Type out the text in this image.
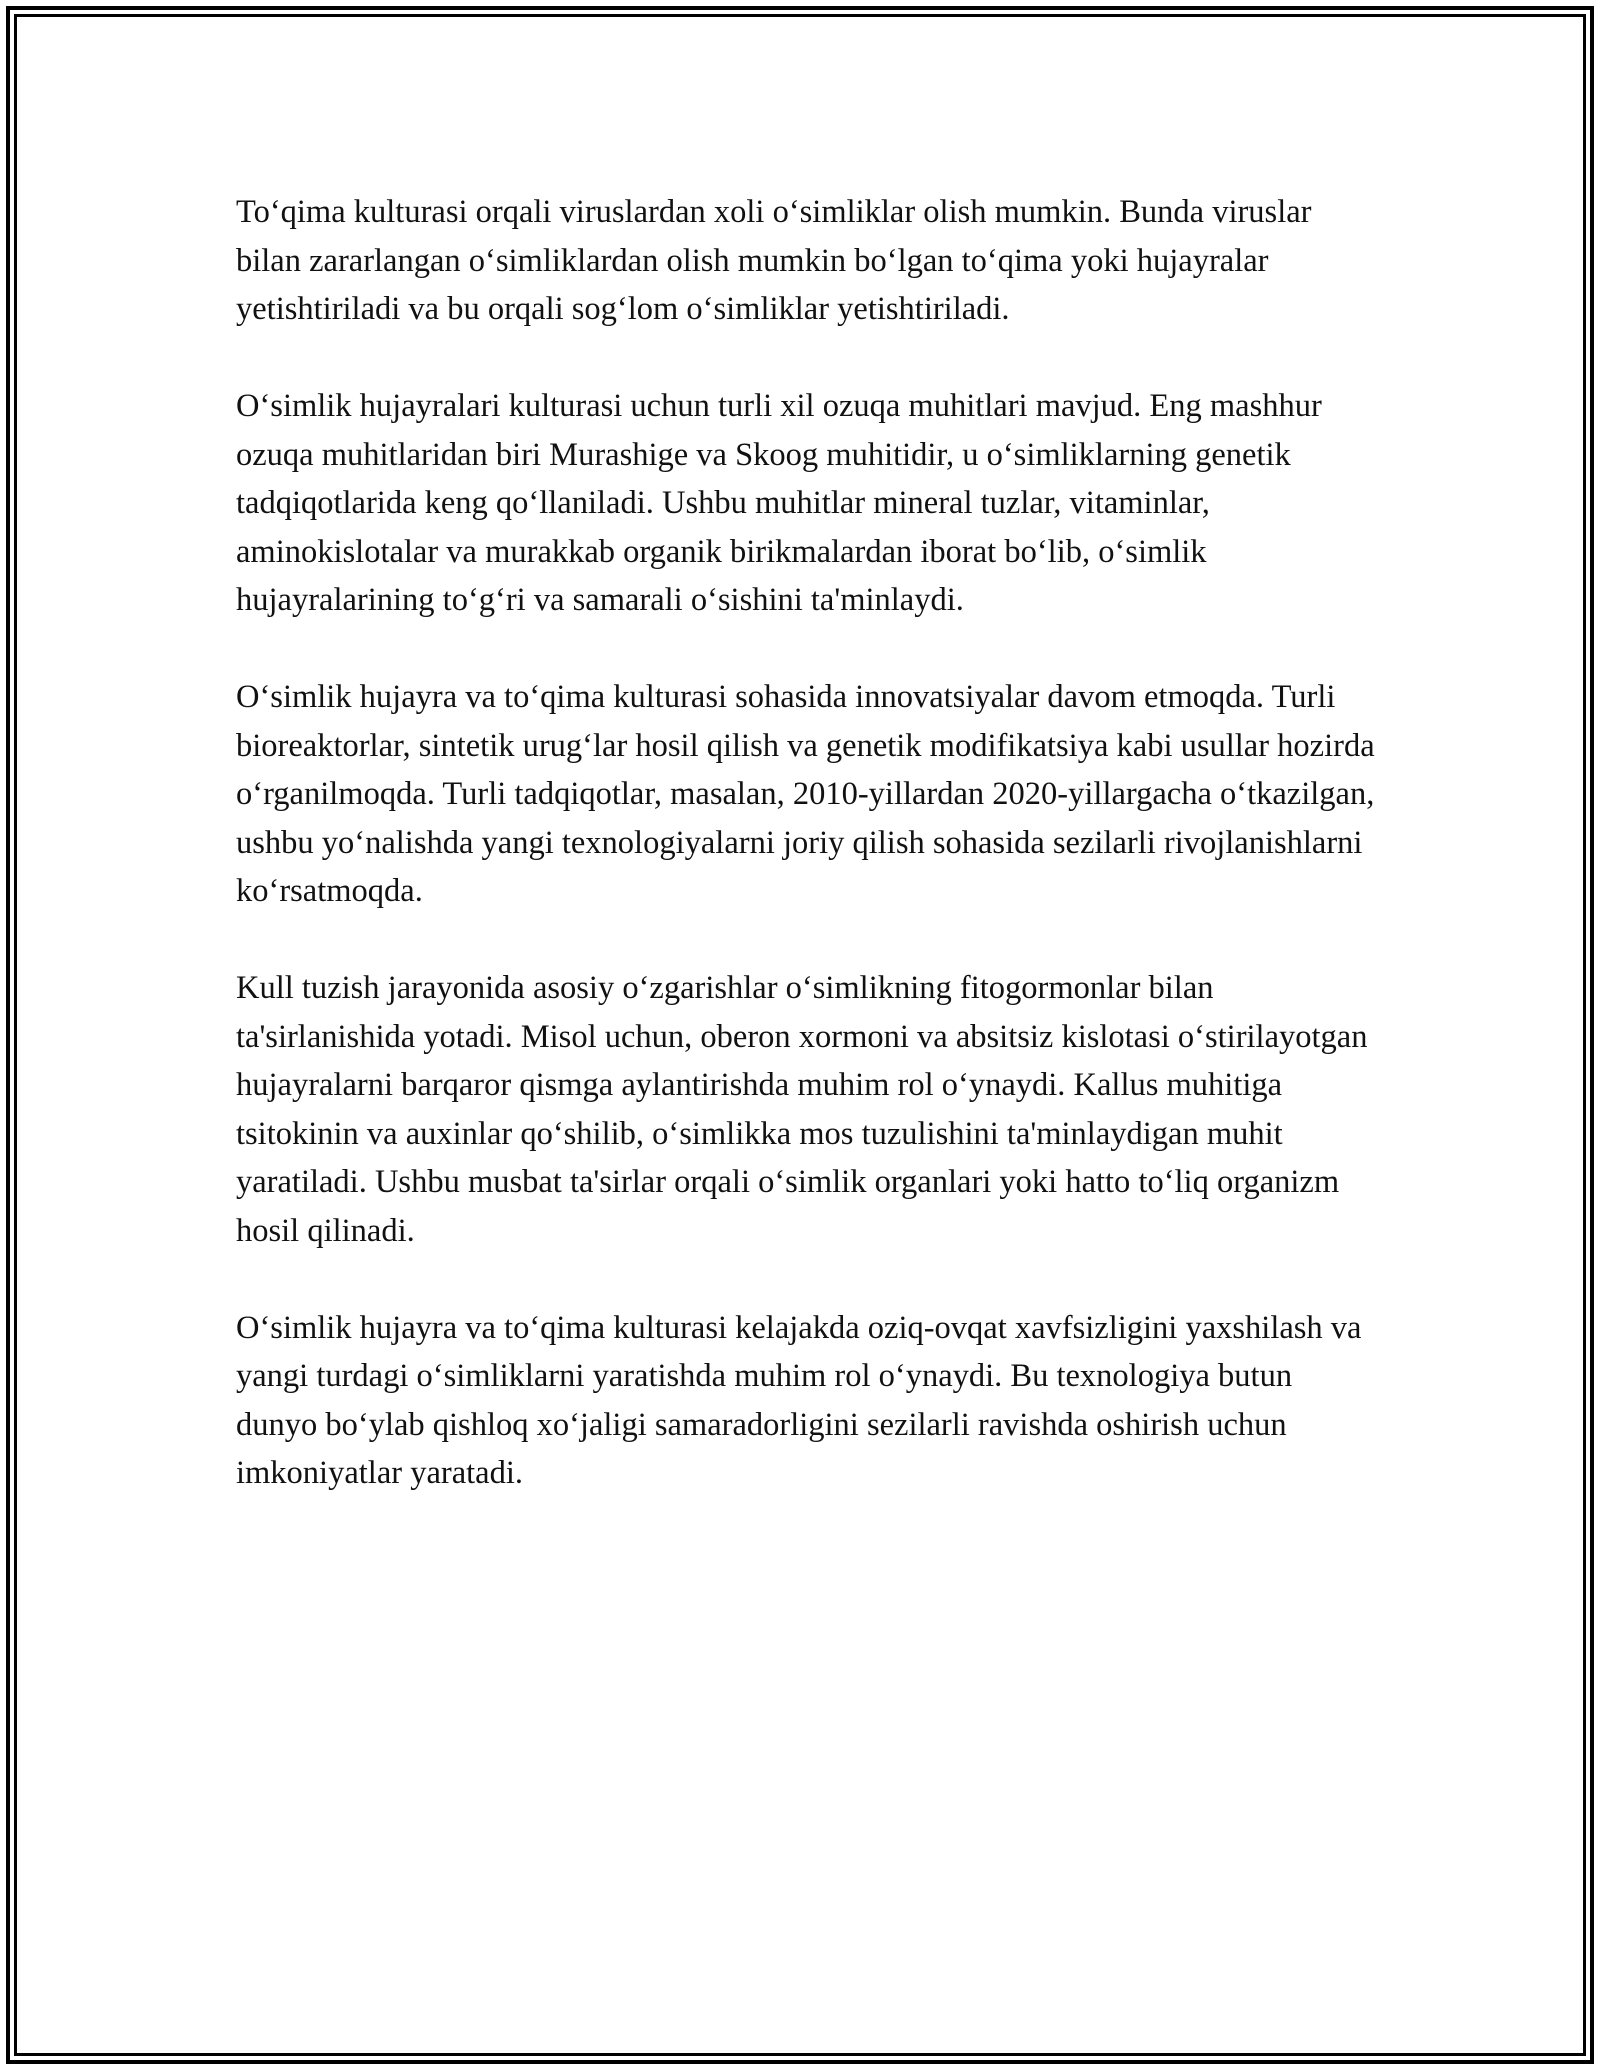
To‘qima kulturasi orqali viruslardan xoli o‘simliklar olish mumkin. Bunda viruslar bilan zararlangan o‘simliklardan olish mumkin bo‘lgan to‘qima yoki hujayralar yetishtiriladi va bu orqali sog‘lom o‘simliklar yetishtiriladi.

O‘simlik hujayralari kulturasi uchun turli xil ozuqa muhitlari mavjud. Eng mashhur ozuqa muhitlaridan biri Murashige va Skoog muhitidir, u o‘simliklarning genetik tadqiqotlarida keng qo‘llaniladi. Ushbu muhitlar mineral tuzlar, vitaminlar, aminokislotalar va murakkab organik birikmalardan iborat bo‘lib, o‘simlik hujayralarining to‘g‘ri va samarali o‘sishini ta'minlaydi.

O‘simlik hujayra va to‘qima kulturasi sohasida innovatsiyalar davom etmoqda. Turli bioreaktorlar, sintetik urug‘lar hosil qilish va genetik modifikatsiya kabi usullar hozirda o‘rganilmoqda. Turli tadqiqotlar, masalan, 2010-yillardan 2020-yillargacha o‘tkazilgan, ushbu yo‘nalishda yangi texnologiyalarni joriy qilish sohasida sezilarli rivojlanishlarni ko‘rsatmoqda.

Kull tuzish jarayonida asosiy o‘zgarishlar o‘simlikning fitogormonlar bilan ta'sirlanishida yotadi. Misol uchun, oberon xormoni va absitsiz kislotasi o‘stirilayotgan hujayralarni barqaror qismga aylantirishda muhim rol o‘ynaydi. Kallus muhitiga tsitokinin va auxinlar qo‘shilib, o‘simlikka mos tuzulishini ta'minlaydigan muhit yaratiladi. Ushbu musbat ta'sirlar orqali o‘simlik organlari yoki hatto to‘liq organizm hosil qilinadi.

O‘simlik hujayra va to‘qima kulturasi kelajakda oziq-ovqat xavfsizligini yaxshilash va yangi turdagi o‘simliklarni yaratishda muhim rol o‘ynaydi. Bu texnologiya butun dunyo bo‘ylab qishloq xo‘jaligi samaradorligini sezilarli ravishda oshirish uchun imkoniyatlar yaratadi.
